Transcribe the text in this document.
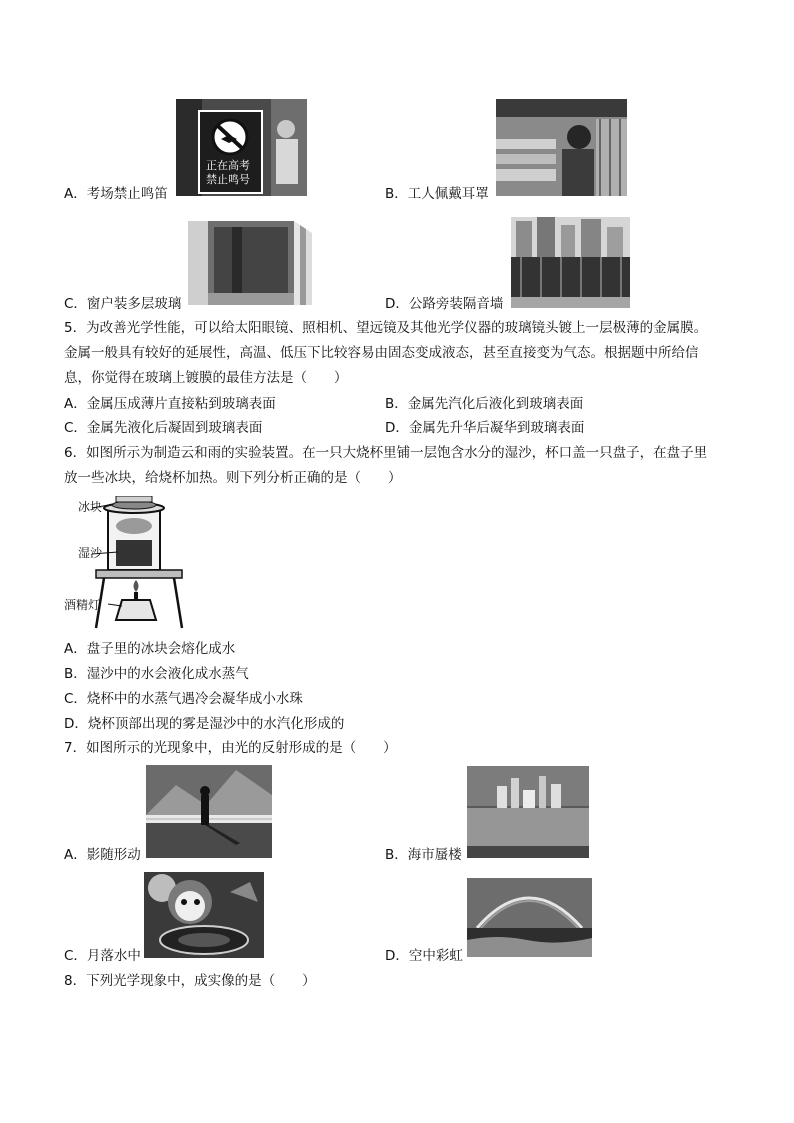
正在高考
禁止鸣号
A．考场禁止鸣笛	B．工人佩戴耳罩
C．窗户装多层玻璃	D．公路旁装隔音墙
5．为改善光学性能，可以给太阳眼镜、照相机、望远镜及其他光学仪器的玻璃镜头镀上一层极薄的金属膜。
金属一般具有较好的延展性，高温、低压下比较容易由固态变成液态，甚至直接变为气态。根据题中所给信
息，你觉得在玻璃上镀膜的最佳方法是（　　）
A．金属压成薄片直接粘到玻璃表面	B．金属先汽化后液化到玻璃表面
C．金属先液化后凝固到玻璃表面	D．金属先升华后凝华到玻璃表面
6．如图所示为制造云和雨的实验装置。在一只大烧杯里铺一层饱含水分的湿沙，杯口盖一只盘子，在盘子里
放一些冰块，给烧杯加热。则下列分析正确的是（　　）
冰块
湿沙
酒精灯
A．盘子里的冰块会熔化成水
B．湿沙中的水会液化成水蒸气
C．烧杯中的水蒸气遇冷会凝华成小水珠
D．烧杯顶部出现的雾是湿沙中的水汽化形成的
7．如图所示的光现象中，由光的反射形成的是（　　）
A．影随形动	B．海市蜃楼
C．月落水中	D．空中彩虹
8．下列光学现象中，成实像的是（　　）
